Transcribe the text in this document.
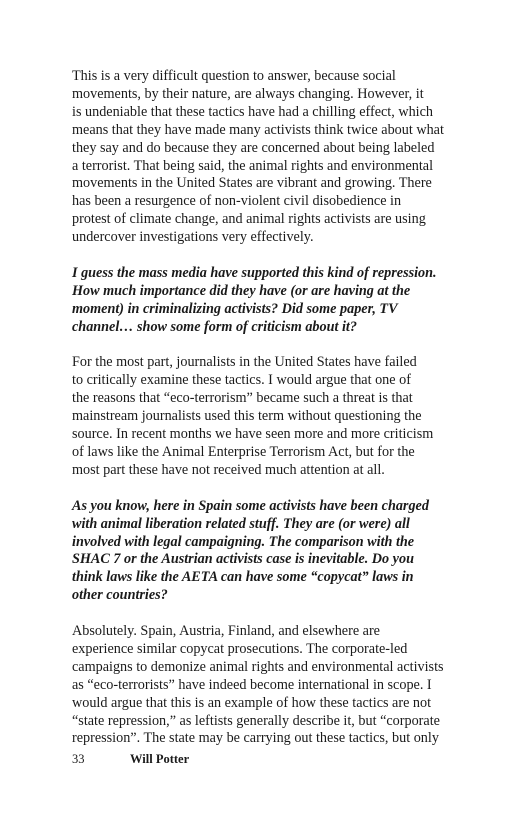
This is a very difficult question to answer, because social
movements, by their nature, are always changing. However, it
is undeniable that these tactics have had a chilling effect, which
means that they have made many activists think twice about what
they say and do because they are concerned about being labeled
a terrorist. That being said, the animal rights and environmental
movements in the United States are vibrant and growing. There
has been a resurgence of non-violent civil disobedience in
protest of climate change, and animal rights activists are using
undercover investigations very effectively.

I guess the mass media have supported this kind of repression.
How much importance did they have (or are having at the
moment) in criminalizing activists? Did some paper, TV
channel… show some form of criticism about it?

For the most part, journalists in the United States have failed
to critically examine these tactics. I would argue that one of
the reasons that “eco-terrorism” became such a threat is that
mainstream journalists used this term without questioning the
source. In recent months we have seen more and more criticism
of laws like the Animal Enterprise Terrorism Act, but for the
most part these have not received much attention at all.

As you know, here in Spain some activists have been charged
with animal liberation related stuff. They are (or were) all
involved with legal campaigning. The comparison with the
SHAC 7 or the Austrian activists case is inevitable. Do you
think laws like the AETA can have some “copycat” laws in
other countries?

Absolutely. Spain, Austria, Finland, and elsewhere are
experience similar copycat prosecutions. The corporate-led
campaigns to demonize animal rights and environmental activists
as “eco-terrorists” have indeed become international in scope. I
would argue that this is an example of how these tactics are not
“state repression,” as leftists generally describe it, but “corporate
repression”. The state may be carrying out these tactics, but only

33	Will Potter
